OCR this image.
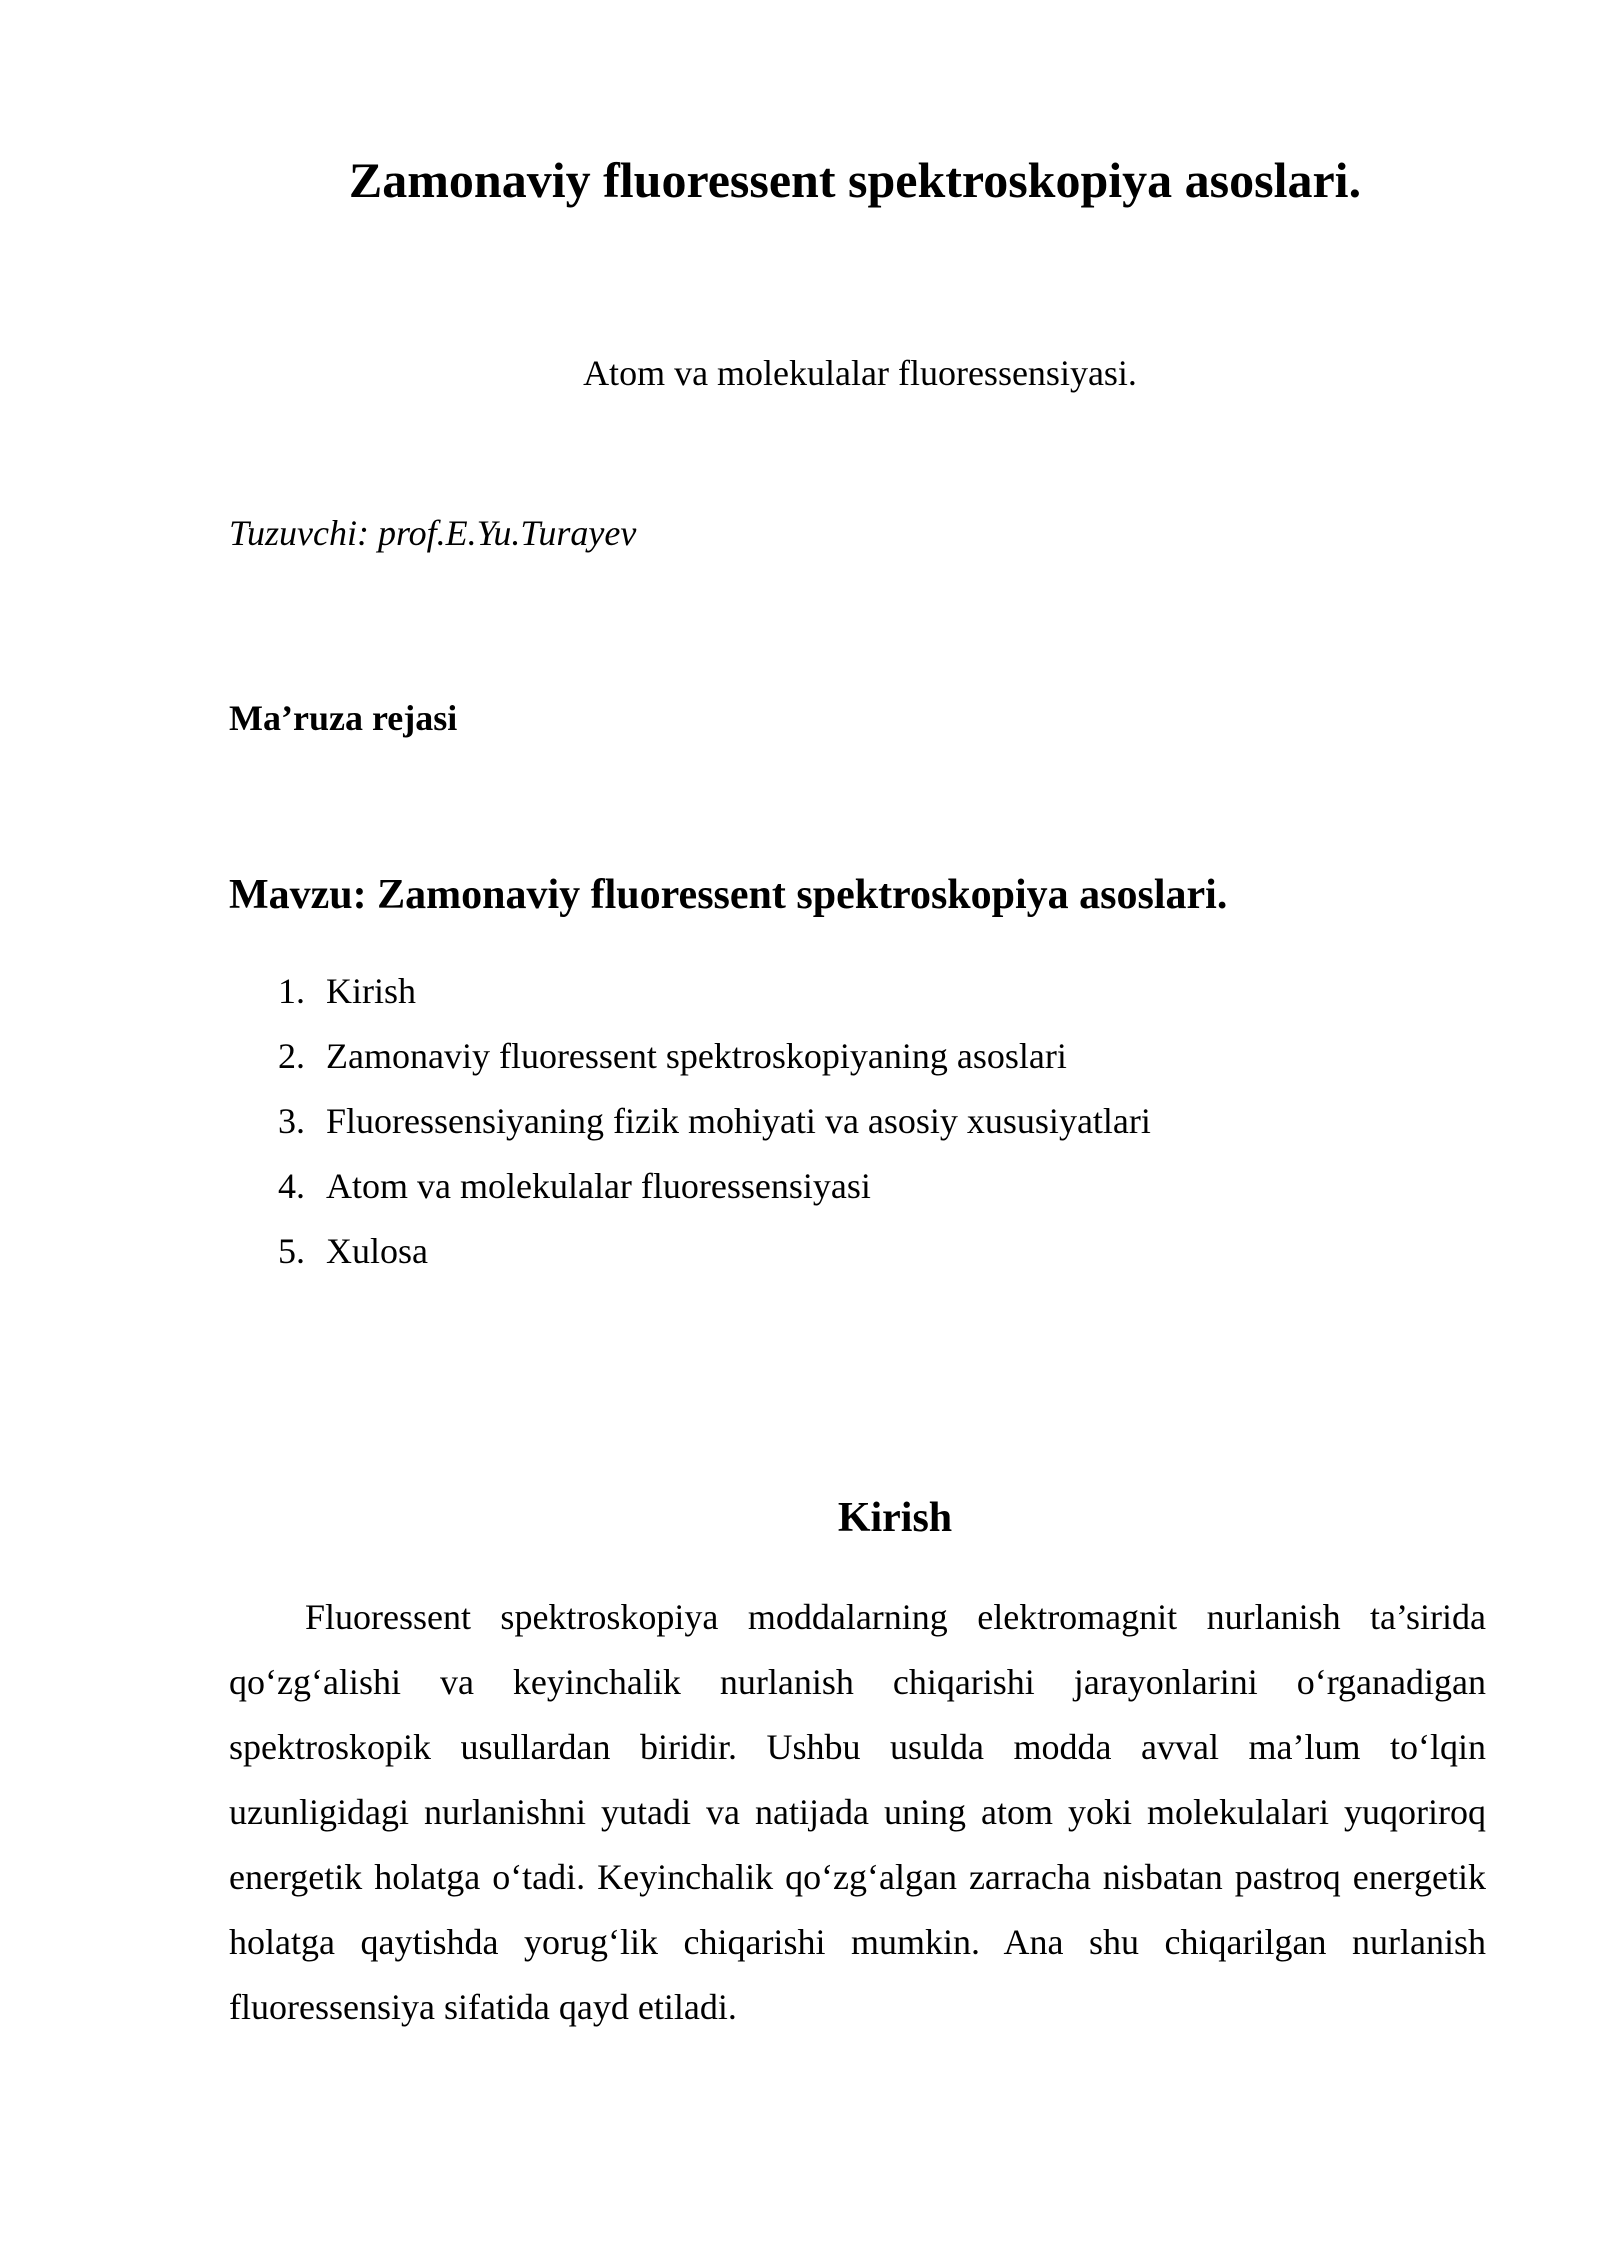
Zamonaviy fluoressent spektroskopiya asoslari.

Atom va molekulalar fluoressensiyasi.

Tuzuvchi: prof.E.Yu.Turayev

Ma’ruza rejasi

Mavzu: Zamonaviy fluoressent spektroskopiya asoslari.

1. Kirish
2. Zamonaviy fluoressent spektroskopiyaning asoslari
3. Fluoressensiyaning fizik mohiyati va asosiy xususiyatlari
4. Atom va molekulalar fluoressensiyasi
5. Xulosa
Kirish

Fluoressent spektroskopiya moddalarning elektromagnit nurlanish ta’sirida qo‘zg‘alishi va keyinchalik nurlanish chiqarishi jarayonlarini o‘rganadigan spektroskopik usullardan biridir. Ushbu usulda modda avval ma’lum to‘lqin uzunligidagi nurlanishni yutadi va natijada uning atom yoki molekulalari yuqoriroq energetik holatga o‘tadi. Keyinchalik qo‘zg‘algan zarracha nisbatan pastroq energetik holatga qaytishda yorug‘lik chiqarishi mumkin. Ana shu chiqarilgan nurlanish fluoressensiya sifatida qayd etiladi.
